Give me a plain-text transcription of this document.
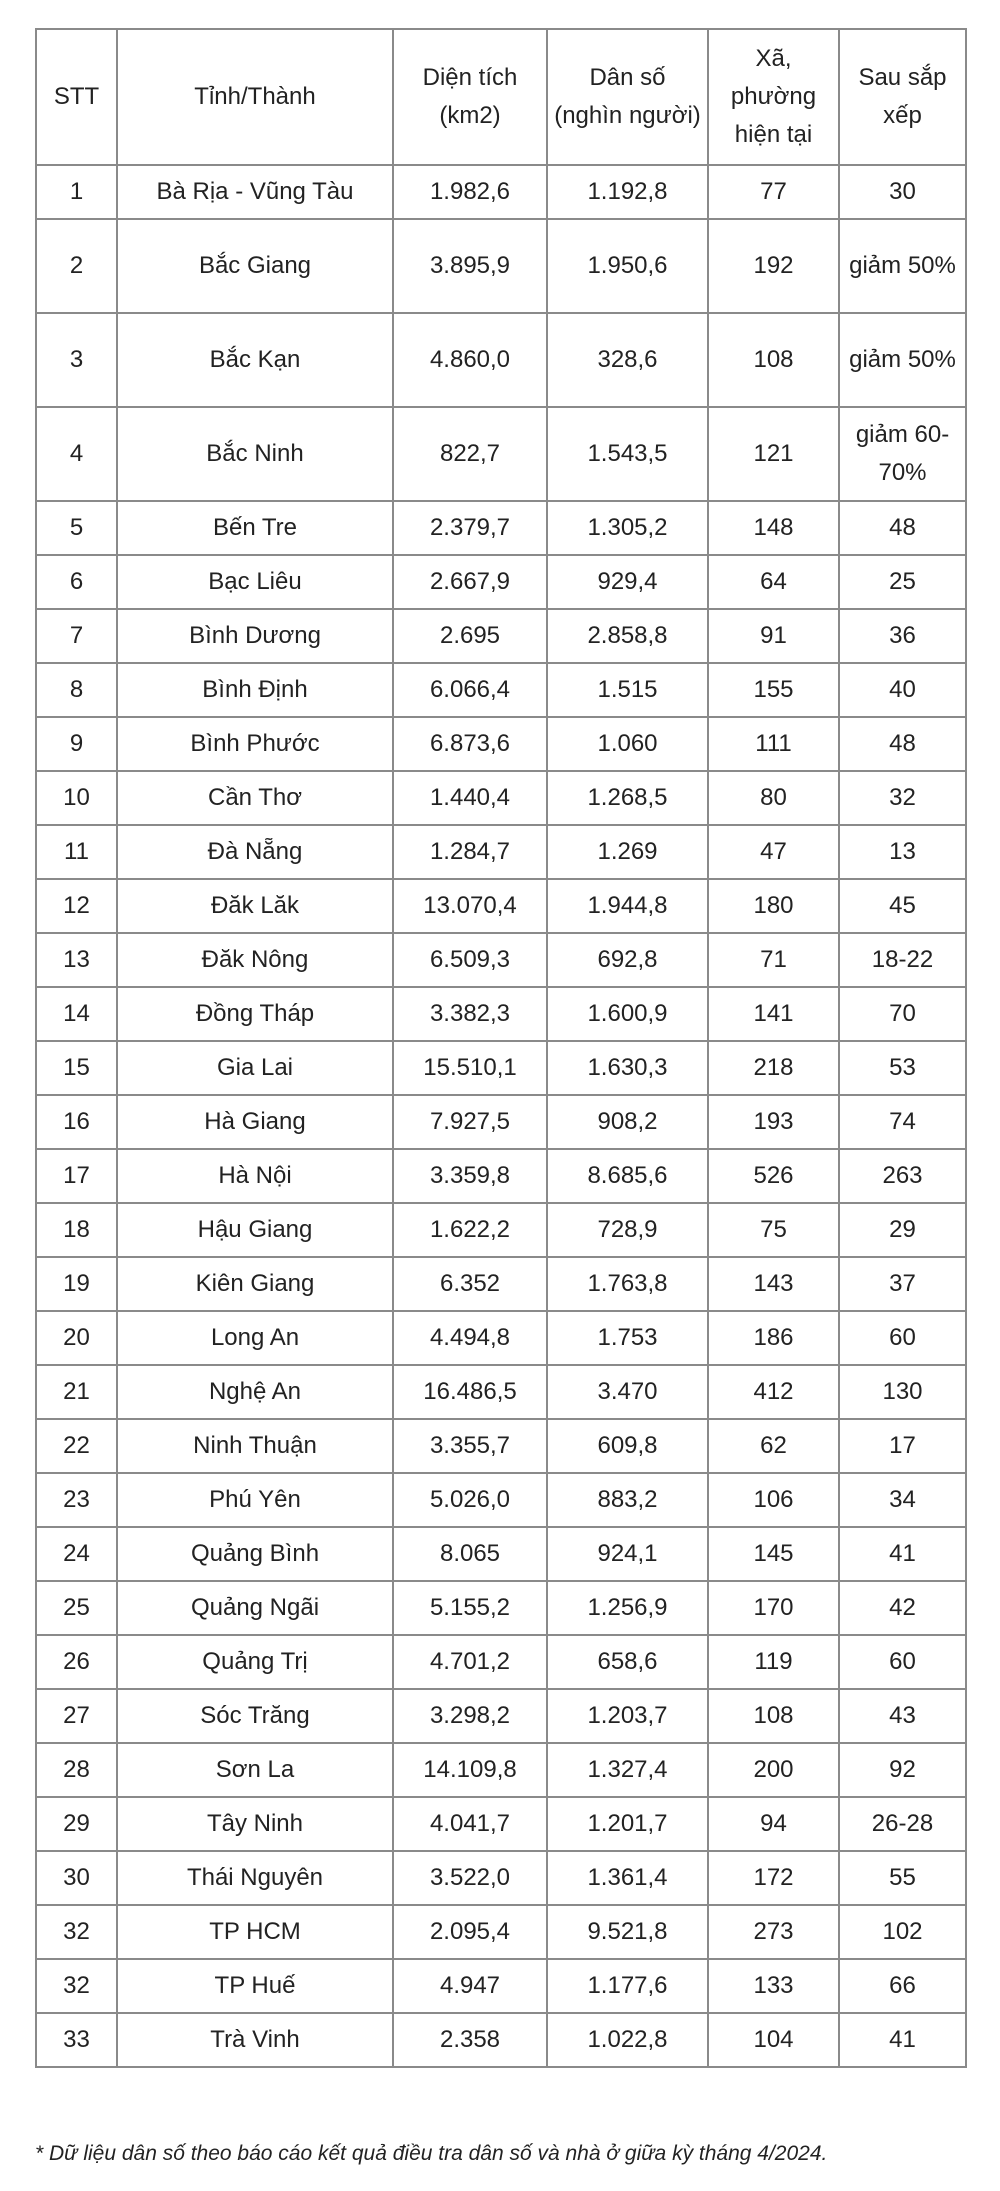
STT	Tỉnh/Thành	Diện tích (km2)	Dân số (nghìn người)	Xã, phường hiện tại	Sau sắp xếp
1	Bà Rịa - Vũng Tàu	1.982,6	1.192,8	77	30
2	Bắc Giang	3.895,9	1.950,6	192	giảm 50%
3	Bắc Kạn	4.860,0	328,6	108	giảm 50%
4	Bắc Ninh	822,7	1.543,5	121	giảm 60-70%
5	Bến Tre	2.379,7	1.305,2	148	48
6	Bạc Liêu	2.667,9	929,4	64	25
7	Bình Dương	2.695	2.858,8	91	36
8	Bình Định	6.066,4	1.515	155	40
9	Bình Phước	6.873,6	1.060	111	48
10	Cần Thơ	1.440,4	1.268,5	80	32
11	Đà Nẵng	1.284,7	1.269	47	13
12	Đăk Lăk	13.070,4	1.944,8	180	45
13	Đăk Nông	6.509,3	692,8	71	18-22
14	Đồng Tháp	3.382,3	1.600,9	141	70
15	Gia Lai	15.510,1	1.630,3	218	53
16	Hà Giang	7.927,5	908,2	193	74
17	Hà Nội	3.359,8	8.685,6	526	263
18	Hậu Giang	1.622,2	728,9	75	29
19	Kiên Giang	6.352	1.763,8	143	37
20	Long An	4.494,8	1.753	186	60
21	Nghệ An	16.486,5	3.470	412	130
22	Ninh Thuận	3.355,7	609,8	62	17
23	Phú Yên	5.026,0	883,2	106	34
24	Quảng Bình	8.065	924,1	145	41
25	Quảng Ngãi	5.155,2	1.256,9	170	42
26	Quảng Trị	4.701,2	658,6	119	60
27	Sóc Trăng	3.298,2	1.203,7	108	43
28	Sơn La	14.109,8	1.327,4	200	92
29	Tây Ninh	4.041,7	1.201,7	94	26-28
30	Thái Nguyên	3.522,0	1.361,4	172	55
32	TP HCM	2.095,4	9.521,8	273	102
32	TP Huế	4.947	1.177,6	133	66
33	Trà Vinh	2.358	1.022,8	104	41
* Dữ liệu dân số theo báo cáo kết quả điều tra dân số và nhà ở giữa kỳ tháng 4/2024.
